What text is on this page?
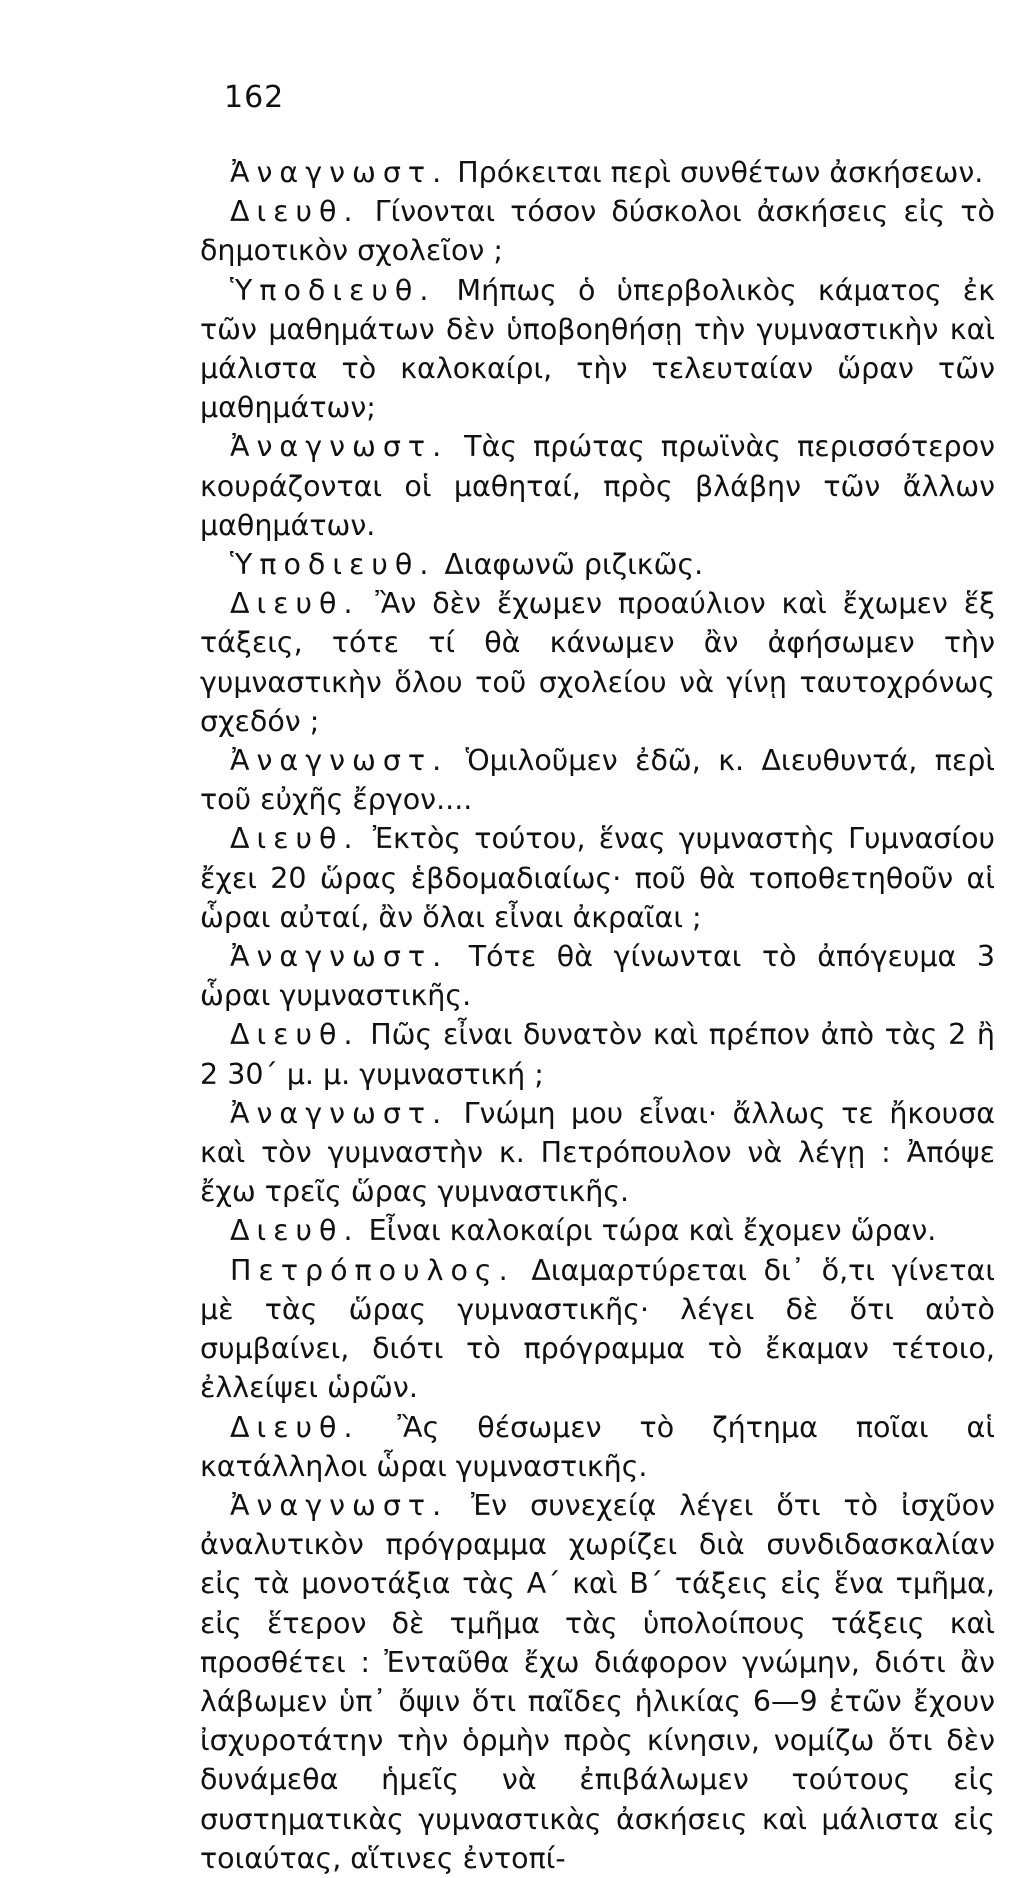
162

Ἀναγνωστ. Πρόκειται περὶ συνθέτων ἀσκήσεων.

Διευθ. Γίνονται τόσον δύσκολοι ἀσκήσεις εἰς τὸ δημοτικὸν σχολεῖον ;

Ὑποδιευθ. Μήπως ὁ ὑπερβολικὸς κάματος ἐκ τῶν μαθημάτων δὲν ὑποβοηθήσῃ τὴν γυμναστικὴν καὶ μάλιστα τὸ καλοκαίρι, τὴν τελευταίαν ὥραν τῶν μαθημάτων;

Ἀναγνωστ. Τὰς πρώτας πρωϊνὰς περισσότερον κουράζονται οἱ μαθηταί, πρὸς βλάβην τῶν ἄλλων μαθημάτων.

Ὑποδιευθ. Διαφωνῶ ριζικῶς.

Διευθ. Ἂν δὲν ἔχωμεν προαύλιον καὶ ἔχωμεν ἕξ τάξεις, τότε τί θὰ κάνωμεν ἂν ἀφήσωμεν τὴν γυμναστικὴν ὅλου τοῦ σχολείου νὰ γίνῃ ταυτοχρόνως σχεδόν ;

Ἀναγνωστ. Ὁμιλοῦμεν ἐδῶ, κ. Διευθυντά, περὶ τοῦ εὐχῆς ἔργον....

Διευθ. Ἐκτὸς τούτου, ἕνας γυμναστὴς Γυμνασίου ἔχει 20 ὥρας ἑβδομαδιαίως· ποῦ θὰ τοποθετηθοῦν αἱ ὧραι αὐταί, ἂν ὅλαι εἶναι ἀκραῖαι ;

Ἀναγνωστ. Τότε θὰ γίνωνται τὸ ἀπόγευμα 3 ὧραι γυμναστικῆς.

Διευθ. Πῶς εἶναι δυνατὸν καὶ πρέπον ἀπὸ τὰς 2 ἢ 2 30΄ μ. μ. γυμναστική ;

Ἀναγνωστ. Γνώμη μου εἶναι· ἄλλως τε ἤκουσα καὶ τὸν γυμναστὴν κ. Πετρόπουλον νὰ λέγῃ : Ἀπόψε ἔχω τρεῖς ὥρας γυμναστικῆς.

Διευθ. Εἶναι καλοκαίρι τώρα καὶ ἔχομεν ὥραν.

Πετρόπουλος. Διαμαρτύρεται δι᾽ ὅ,τι γίνεται μὲ τὰς ὥρας γυμναστικῆς· λέγει δὲ ὅτι αὐτὸ συμβαίνει, διότι τὸ πρόγραμμα τὸ ἔκαμαν τέτοιο, ἐλλείψει ὡρῶν.

Διευθ. Ἂς θέσωμεν τὸ ζήτημα ποῖαι αἱ κατάλληλοι ὧραι γυμναστικῆς.

Ἀναγνωστ. Ἐν συνεχείᾳ λέγει ὅτι τὸ ἰσχῦον ἀναλυτικὸν πρόγραμμα χωρίζει διὰ συνδιδασκαλίαν εἰς τὰ μονοτάξια τὰς Α΄ καὶ Β΄ τάξεις εἰς ἕνα τμῆμα, εἰς ἕτερον δὲ τμῆμα τὰς ὑπολοίπους τάξεις καὶ προσθέτει : Ἐνταῦθα ἔχω διάφορον γνώμην, διότι ἂν λάβωμεν ὑπ᾽ ὄψιν ὅτι παῖδες ἡλικίας 6—9 ἐτῶν ἔχουν ἰσχυροτάτην τὴν ὁρμὴν πρὸς κίνησιν, νομίζω ὅτι δὲν δυνάμεθα ἡμεῖς νὰ ἐπιβάλωμεν τούτους εἰς συστηματικὰς γυμναστικὰς ἀσκήσεις καὶ μάλιστα εἰς τοιαύτας, αἵτινες ἐντοπί-
